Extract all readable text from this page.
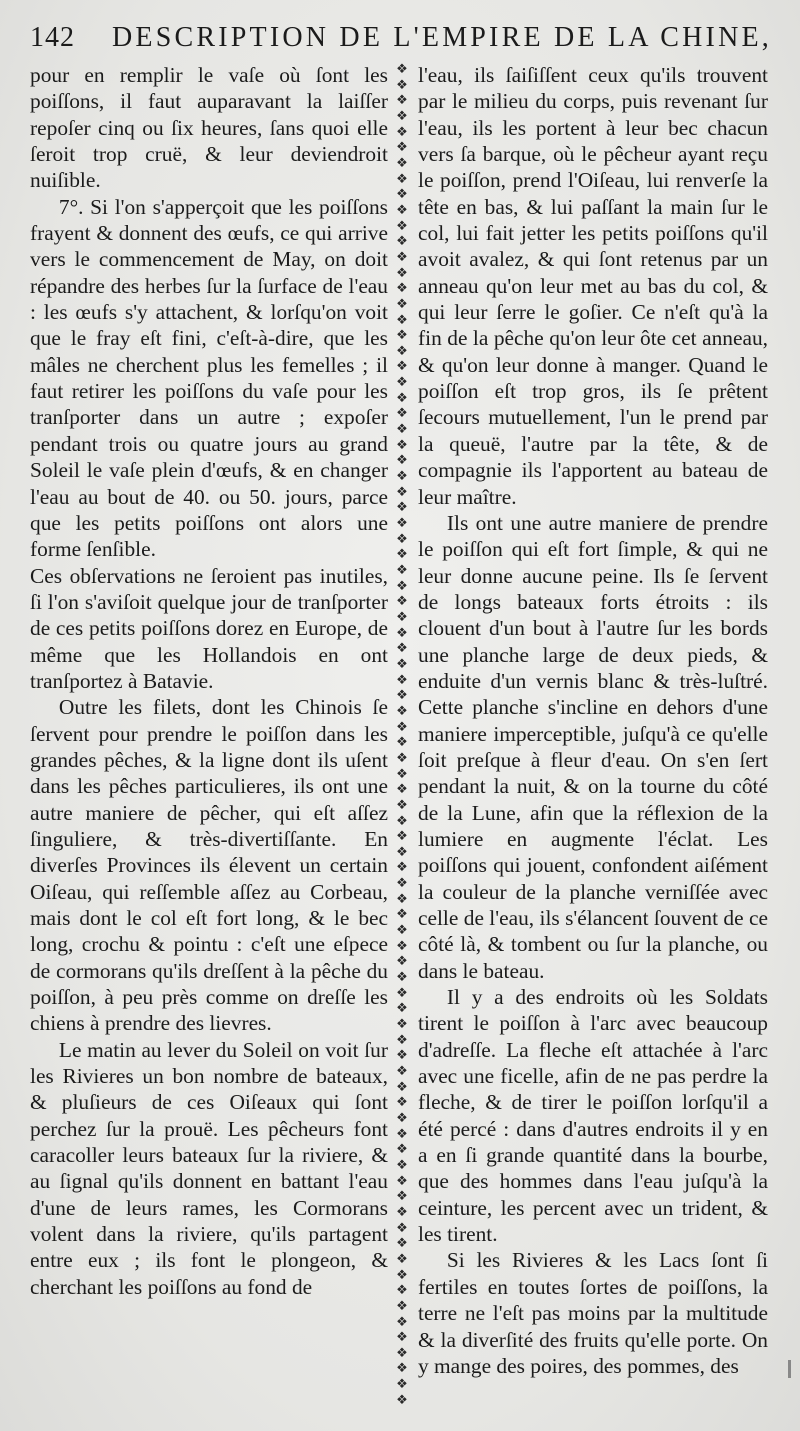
142 DESCRIPTION DE L'EMPIRE DE LA CHINE,

pour en remplir le vaſe où ſont les poiſſons, il faut auparavant la laiſſer repoſer cinq ou ſix heures, ſans quoi elle ſeroit trop cruë, & leur deviendroit nuiſible.

7°. Si l'on s'apperçoit que les poiſſons frayent & donnent des œufs, ce qui arrive vers le commencement de May, on doit répandre des herbes ſur la ſurface de l'eau : les œufs s'y attachent, & lorſqu'on voit que le fray eſt fini, c'eſt-à-dire, que les mâles ne cherchent plus les femelles ; il faut retirer les poiſſons du vaſe pour les tranſporter dans un autre ; expoſer pendant trois ou quatre jours au grand Soleil le vaſe plein d'œufs, & en changer l'eau au bout de 40. ou 50. jours, parce que les petits poiſſons ont alors une forme ſenſible.

Ces obſervations ne ſeroient pas inutiles, ſi l'on s'aviſoit quelque jour de tranſporter de ces petits poiſſons dorez en Europe, de même que les Hollandois en ont tranſportez à Batavie.

Outre les filets, dont les Chinois ſe ſervent pour prendre le poiſſon dans les grandes pêches, & la ligne dont ils uſent dans les pêches particulieres, ils ont une autre maniere de pêcher, qui eſt aſſez ſinguliere, & très-divertiſſante. En diverſes Provinces ils élevent un certain Oiſeau, qui reſſemble aſſez au Corbeau, mais dont le col eſt fort long, & le bec long, crochu & pointu : c'eſt une eſpece de cormorans qu'ils dreſſent à la pêche du poiſſon, à peu près comme on dreſſe les chiens à prendre des lievres.

Le matin au lever du Soleil on voit ſur les Rivieres un bon nombre de bateaux, & pluſieurs de ces Oiſeaux qui ſont perchez ſur la prouë. Les pêcheurs font caracoller leurs bateaux ſur la riviere, & au ſignal qu'ils donnent en battant l'eau d'une de leurs rames, les Cormorans volent dans la riviere, qu'ils partagent entre eux ; ils font le plongeon, & cherchant les poiſſons au fond de

❖
❖
❖
❖
❖
❖
❖
❖
❖
❖
❖
❖
❖
❖
❖
❖
❖
❖
❖
❖
❖
❖
❖
❖
❖
❖
❖
❖
❖
❖
❖
❖
❖
❖
❖
❖
❖
❖
❖
❖
❖
❖
❖
❖
❖
❖
❖
❖
❖
❖
❖
❖
❖
❖
❖
❖
❖
❖
❖
❖
❖
❖
❖
❖
❖
❖
❖
❖
❖
❖
❖
❖
❖
❖
❖
❖
❖
❖
❖
❖
❖
❖
❖
❖
❖
❖

l'eau, ils ſaiſiſſent ceux qu'ils trouvent par le milieu du corps, puis revenant ſur l'eau, ils les portent à leur bec chacun vers ſa barque, où le pêcheur ayant reçu le poiſſon, prend l'Oiſeau, lui renverſe la tête en bas, & lui paſſant la main ſur le col, lui fait jetter les petits poiſſons qu'il avoit avalez, & qui ſont retenus par un anneau qu'on leur met au bas du col, & qui leur ſerre le goſier. Ce n'eſt qu'à la fin de la pêche qu'on leur ôte cet anneau, & qu'on leur donne à manger. Quand le poiſſon eſt trop gros, ils ſe prêtent ſecours mutuellement, l'un le prend par la queuë, l'autre par la tête, & de compagnie ils l'apportent au bateau de leur maître.

Ils ont une autre maniere de prendre le poiſſon qui eſt fort ſimple, & qui ne leur donne aucune peine. Ils ſe ſervent de longs bateaux forts étroits : ils clouent d'un bout à l'autre ſur les bords une planche large de deux pieds, & enduite d'un vernis blanc & très-luſtré. Cette planche s'incline en dehors d'une maniere imperceptible, juſqu'à ce qu'elle ſoit preſque à fleur d'eau. On s'en ſert pendant la nuit, & on la tourne du côté de la Lune, afin que la réflexion de la lumiere en augmente l'éclat. Les poiſſons qui jouent, confondent aiſément la couleur de la planche verniſſée avec celle de l'eau, ils s'élancent ſouvent de ce côté là, & tombent ou ſur la planche, ou dans le bateau.

Il y a des endroits où les Soldats tirent le poiſſon à l'arc avec beaucoup d'adreſſe. La fleche eſt attachée à l'arc avec une ficelle, afin de ne pas perdre la fleche, & de tirer le poiſſon lorſqu'il a été percé : dans d'autres endroits il y en a en ſi grande quantité dans la bourbe, que des hommes dans l'eau juſqu'à la ceinture, les percent avec un trident, & les tirent.

Si les Rivieres & les Lacs ſont ſi fertiles en toutes ſortes de poiſſons, la terre ne l'eſt pas moins par la multitude & la diverſité des fruits qu'elle porte. On y mange des poires, des pommes, des
